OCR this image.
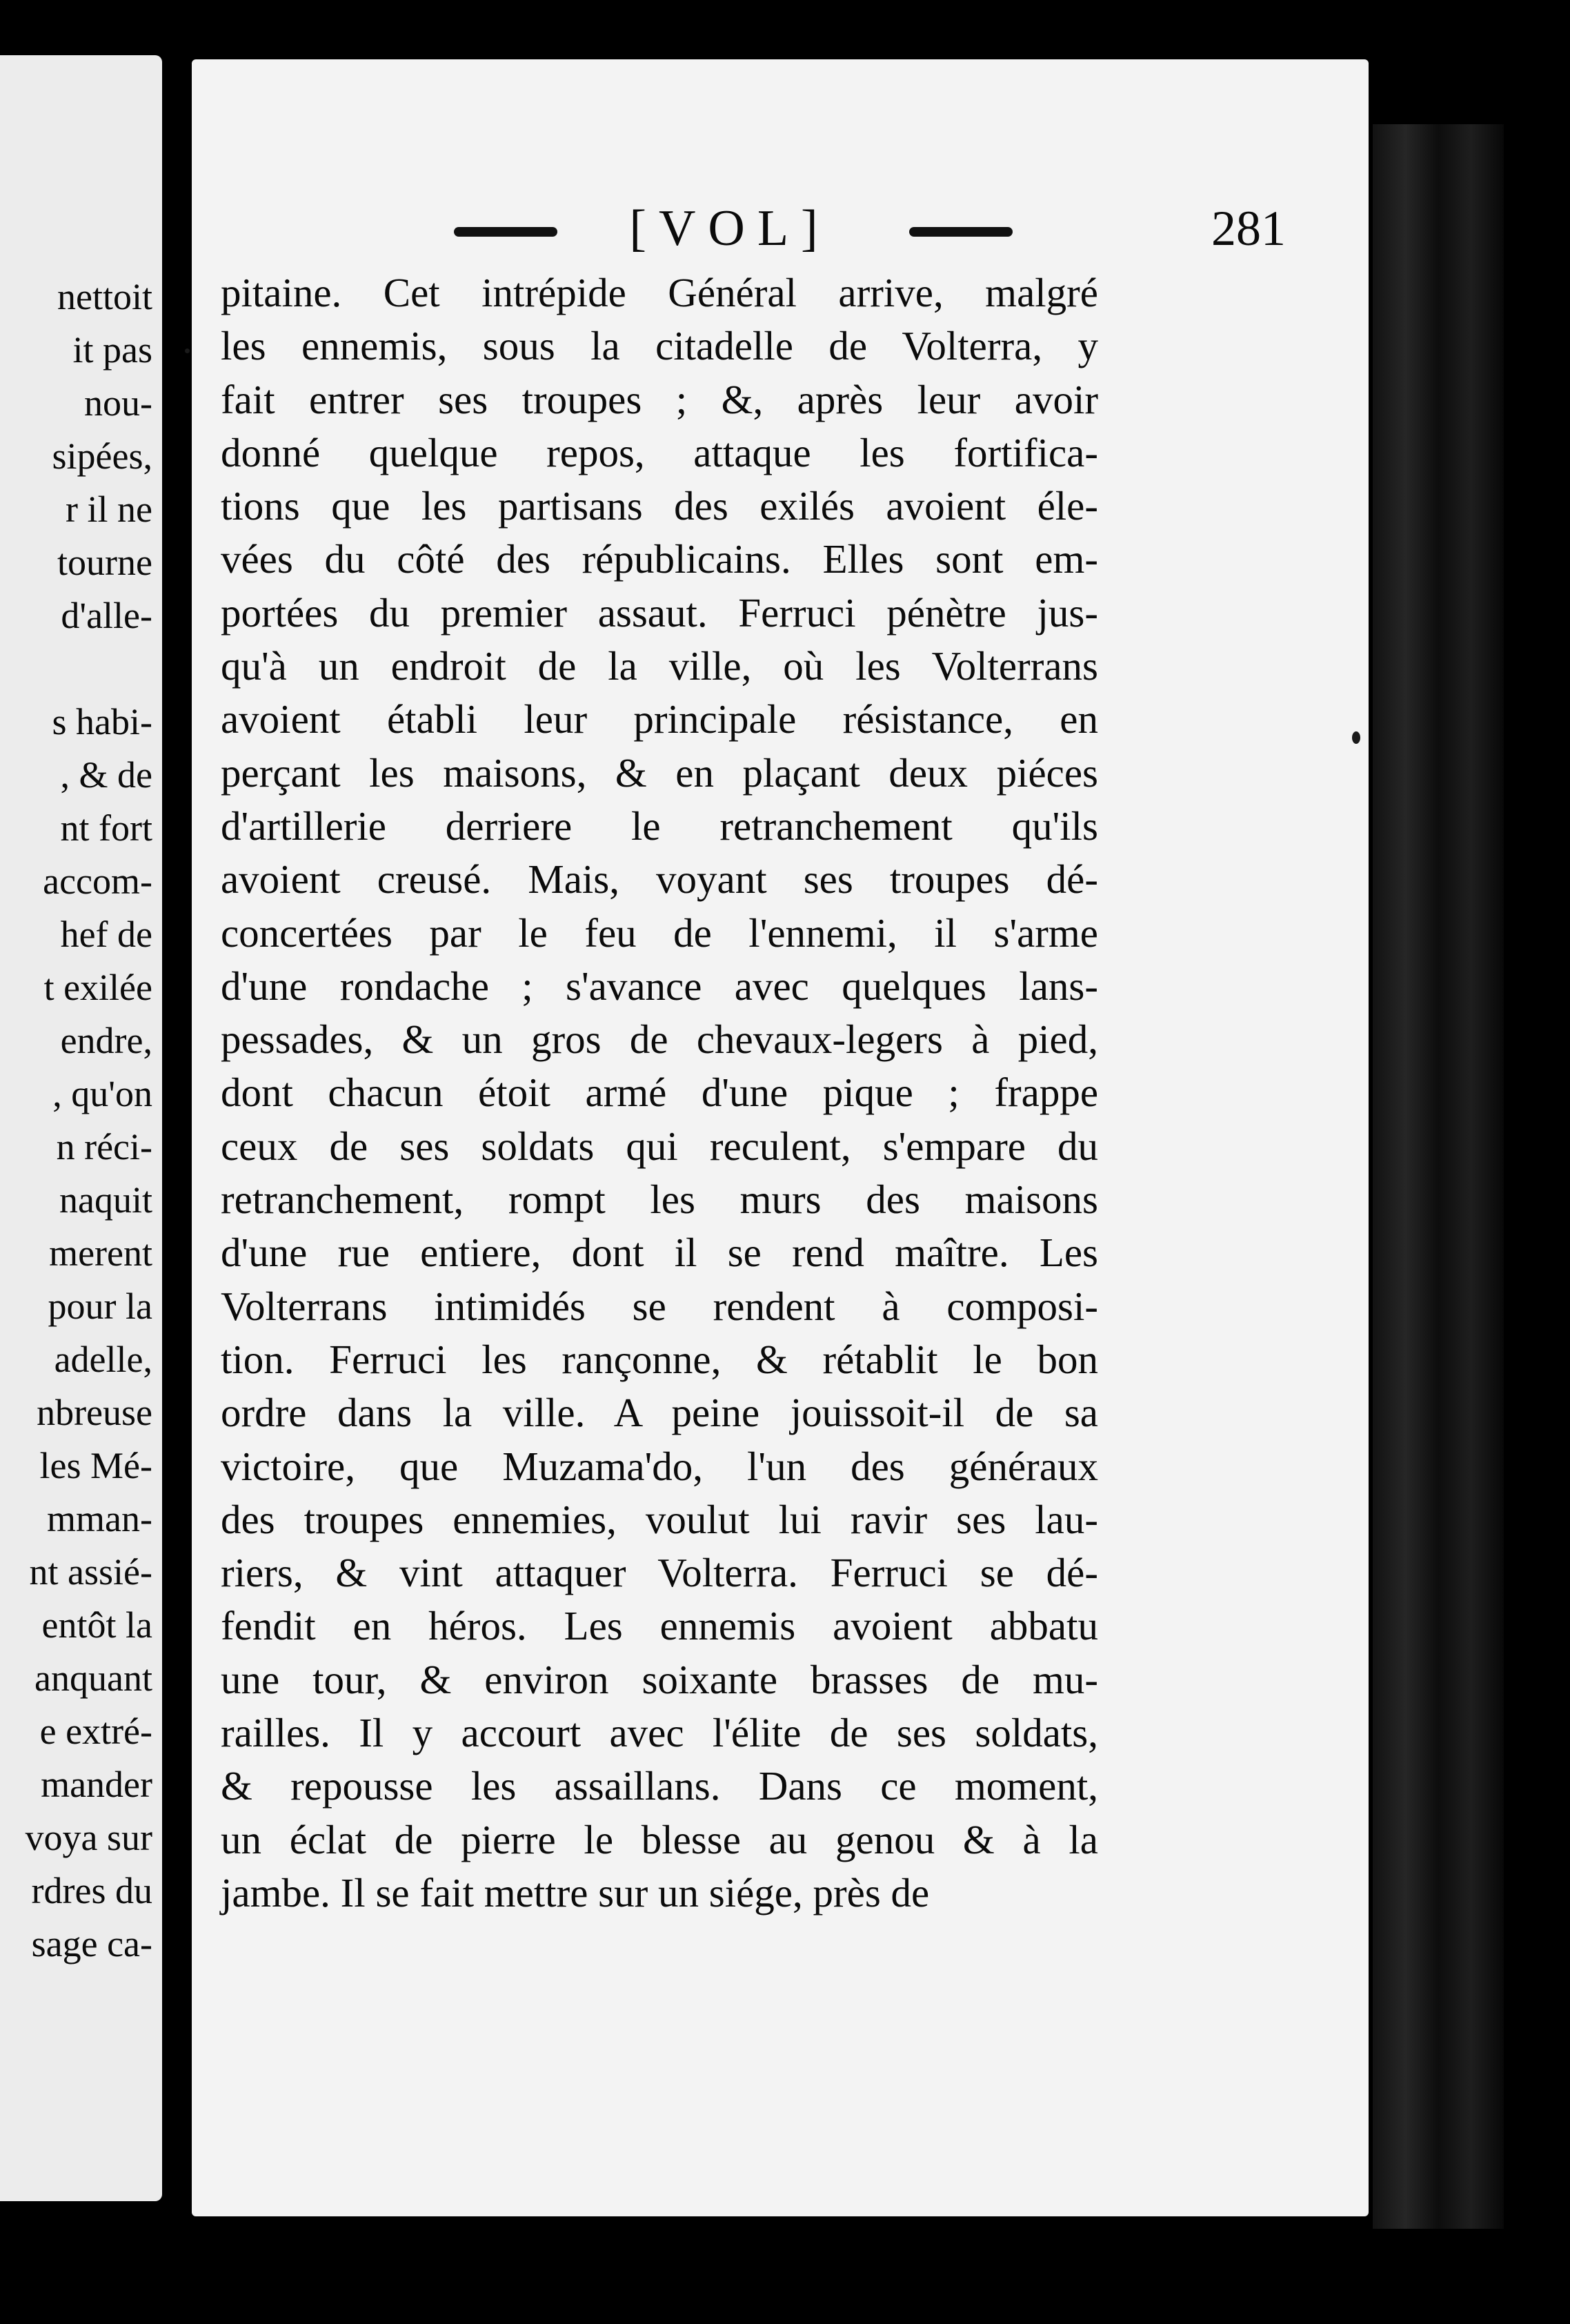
nettoit
it pas
nou-
sipées,
r il ne
tourne
d'alle-
s habi-
, & de
nt fort
accom-
hef de
t exilée
endre,
, qu'on
n réci-
naquit
merent
pour la
adelle,
nbreuse
les Mé-
mman-
nt assié-
entôt la
anquant
e extré-
mander
voya sur
rdres du
sage ca-
[VOL]	281
pitaine. Cet intrépide Général arrive, malgré
les ennemis, sous la citadelle de Volterra, y
fait entrer ses troupes ; &, après leur avoir
donné quelque repos, attaque les fortifica-
tions que les partisans des exilés avoient éle-
vées du côté des républicains. Elles sont em-
portées du premier assaut. Ferruci pénètre jus-
qu'à un endroit de la ville, où les Volterrans
avoient établi leur principale résistance, en
perçant les maisons, & en plaçant deux piéces
d'artillerie derriere le retranchement qu'ils
avoient creusé. Mais, voyant ses troupes dé-
concertées par le feu de l'ennemi, il s'arme
d'une rondache ; s'avance avec quelques lans-
pessades, & un gros de chevaux-legers à pied,
dont chacun étoit armé d'une pique ; frappe
ceux de ses soldats qui reculent, s'empare du
retranchement, rompt les murs des maisons
d'une rue entiere, dont il se rend maître. Les
Volterrans intimidés se rendent à composi-
tion. Ferruci les rançonne, & rétablit le bon
ordre dans la ville. A peine jouissoit-il de sa
victoire, que Muzama'do, l'un des généraux
des troupes ennemies, voulut lui ravir ses lau-
riers, & vint attaquer Volterra. Ferruci se dé-
fendit en héros. Les ennemis avoient abbatu
une tour, & environ soixante brasses de mu-
railles. Il y accourt avec l'élite de ses soldats,
& repousse les assaillans. Dans ce moment,
un éclat de pierre le blesse au genou & à la
jambe. Il se fait mettre sur un siége, près de
